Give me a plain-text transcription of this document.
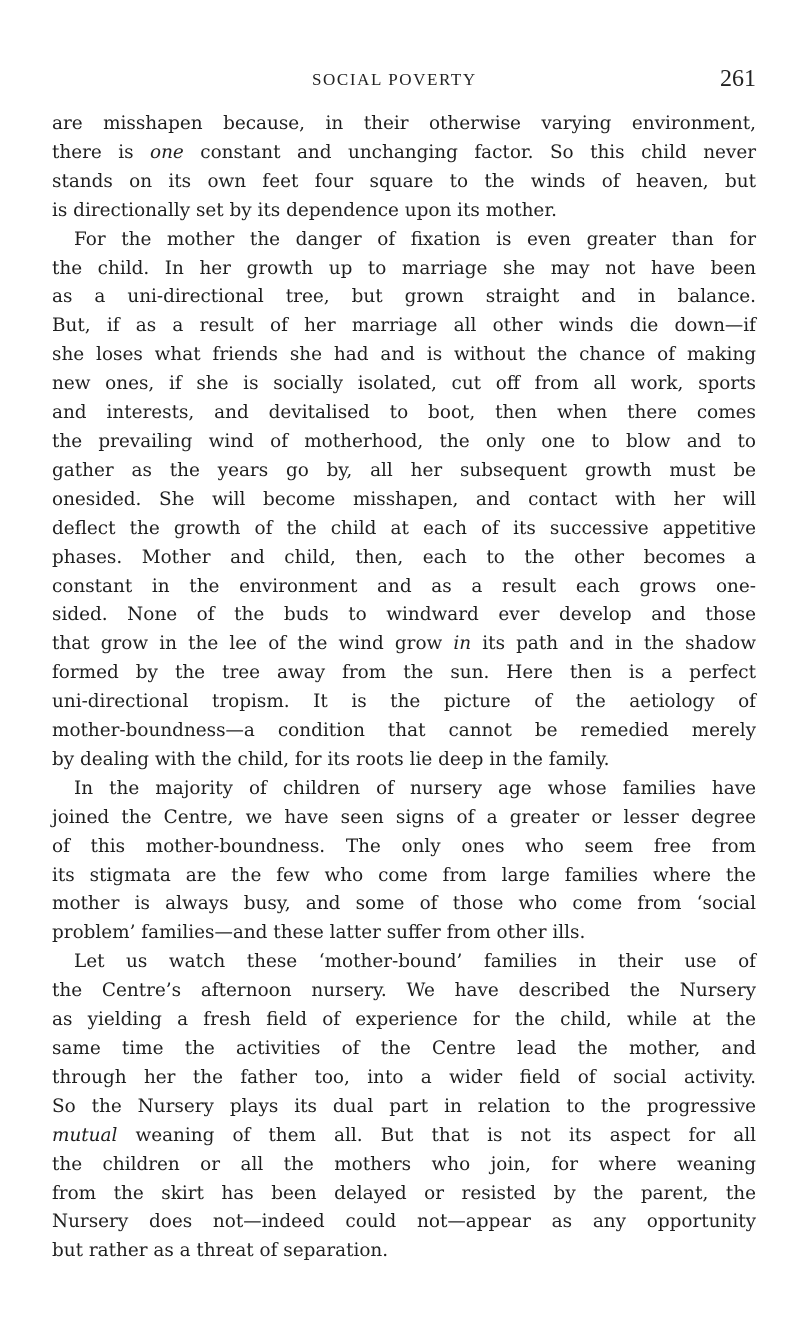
SOCIAL POVERTY	261
are misshapen because, in their otherwise varying environment,
there is one constant and unchanging factor. So this child never
stands on its own feet four square to the winds of heaven, but
is directionally set by its dependence upon its mother.
For the mother the danger of fixation is even greater than for
the child. In her growth up to marriage she may not have been
as a uni-directional tree, but grown straight and in balance.
But, if as a result of her marriage all other winds die down—if
she loses what friends she had and is without the chance of making
new ones, if she is socially isolated, cut off from all work, sports
and interests, and devitalised to boot, then when there comes
the prevailing wind of motherhood, the only one to blow and to
gather as the years go by, all her subsequent growth must be
onesided. She will become misshapen, and contact with her will
deflect the growth of the child at each of its successive appetitive
phases. Mother and child, then, each to the other becomes a
constant in the environment and as a result each grows one-
sided. None of the buds to windward ever develop and those
that grow in the lee of the wind grow in its path and in the shadow
formed by the tree away from the sun. Here then is a perfect
uni-directional tropism. It is the picture of the aetiology of
mother-boundness—a condition that cannot be remedied merely
by dealing with the child, for its roots lie deep in the family.
In the majority of children of nursery age whose families have
joined the Centre, we have seen signs of a greater or lesser degree
of this mother-boundness. The only ones who seem free from
its stigmata are the few who come from large families where the
mother is always busy, and some of those who come from ‘social
problem’ families—and these latter suffer from other ills.
Let us watch these ‘mother-bound’ families in their use of
the Centre’s afternoon nursery. We have described the Nursery
as yielding a fresh field of experience for the child, while at the
same time the activities of the Centre lead the mother, and
through her the father too, into a wider field of social activity.
So the Nursery plays its dual part in relation to the progressive
mutual weaning of them all. But that is not its aspect for all
the children or all the mothers who join, for where weaning
from the skirt has been delayed or resisted by the parent, the
Nursery does not—indeed could not—appear as any opportunity
but rather as a threat of separation.
